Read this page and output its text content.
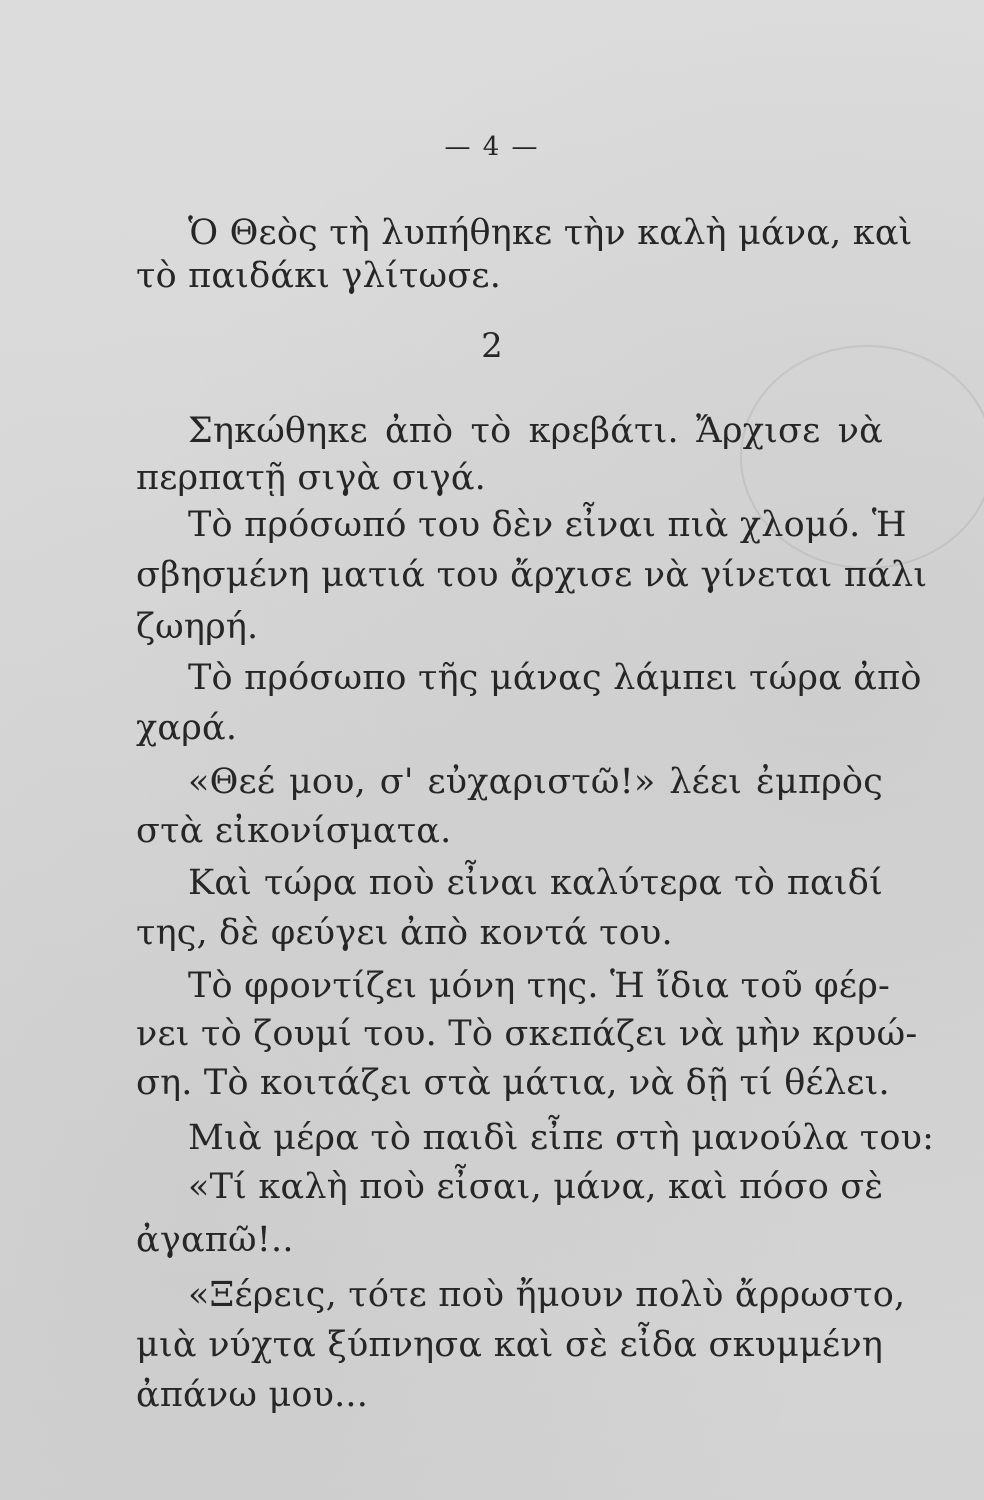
— 4 —
Ὁ Θεὸς τὴ λυπήθηκε τὴν καλὴ μάνα, καὶ
τὸ παιδάκι γλίτωσε.
2
Σηκώθηκε ἀπὸ τὸ κρεβάτι. Ἄρχισε νὰ
περπατῇ σιγὰ σιγά.
Τὸ πρόσωπό του δὲν εἶναι πιὰ χλομό. Ἡ
σβησμένη ματιά του ἄρχισε νὰ γίνεται πάλι
ζωηρή.
Τὸ πρόσωπο τῆς μάνας λάμπει τώρα ἀπὸ
χαρά.
«Θεέ μου, σ' εὐχαριστῶ!» λέει ἐμπρὸς
στὰ εἰκονίσματα.
Καὶ τώρα ποὺ εἶναι καλύτερα τὸ παιδί
της, δὲ φεύγει ἀπὸ κοντά του.
Τὸ φροντίζει μόνη της. Ἡ ἴδια τοῦ φέρ-
νει τὸ ζουμί του. Τὸ σκεπάζει νὰ μὴν κρυώ-
ση. Τὸ κοιτάζει στὰ μάτια, νὰ δῇ τί θέλει.
Μιὰ μέρα τὸ παιδὶ εἶπε στὴ μανούλα του:
«Τί καλὴ ποὺ εἶσαι, μάνα, καὶ πόσο σὲ
ἀγαπῶ!..
«Ξέρεις, τότε ποὺ ἤμουν πολὺ ἄρρωστο,
μιὰ νύχτα ξύπνησα καὶ σὲ εἶδα σκυμμένη
ἀπάνω μου...
